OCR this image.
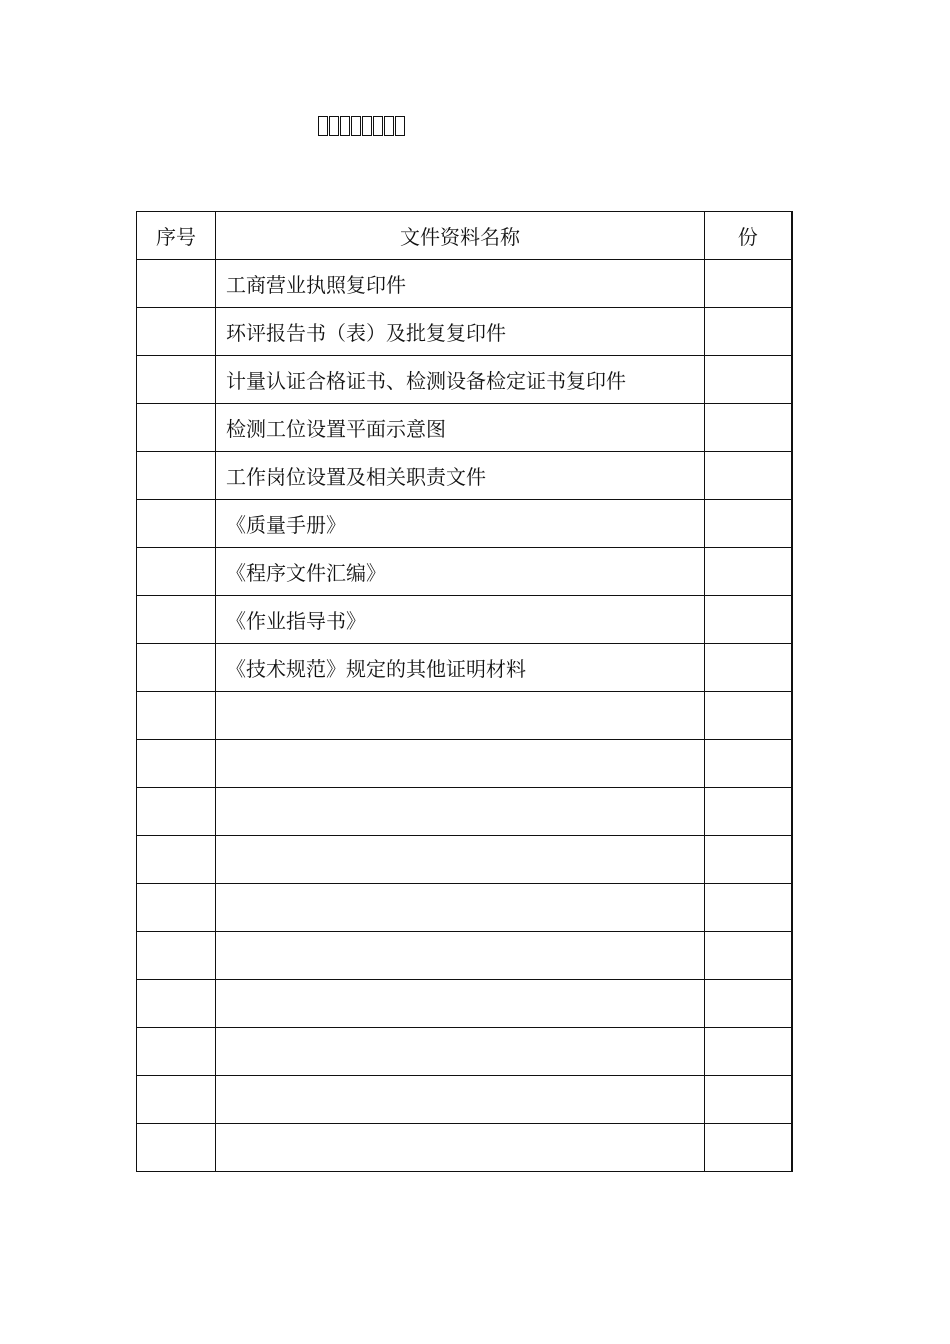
序号	文件资料名称	份
	工商营业执照复印件	
	环评报告书（表）及批复复印件	
	计量认证合格证书、检测设备检定证书复印件	
	检测工位设置平面示意图	
	工作岗位设置及相关职责文件	
	《质量手册》	
	《程序文件汇编》	
	《作业指导书》	
	《技术规范》规定的其他证明材料	
